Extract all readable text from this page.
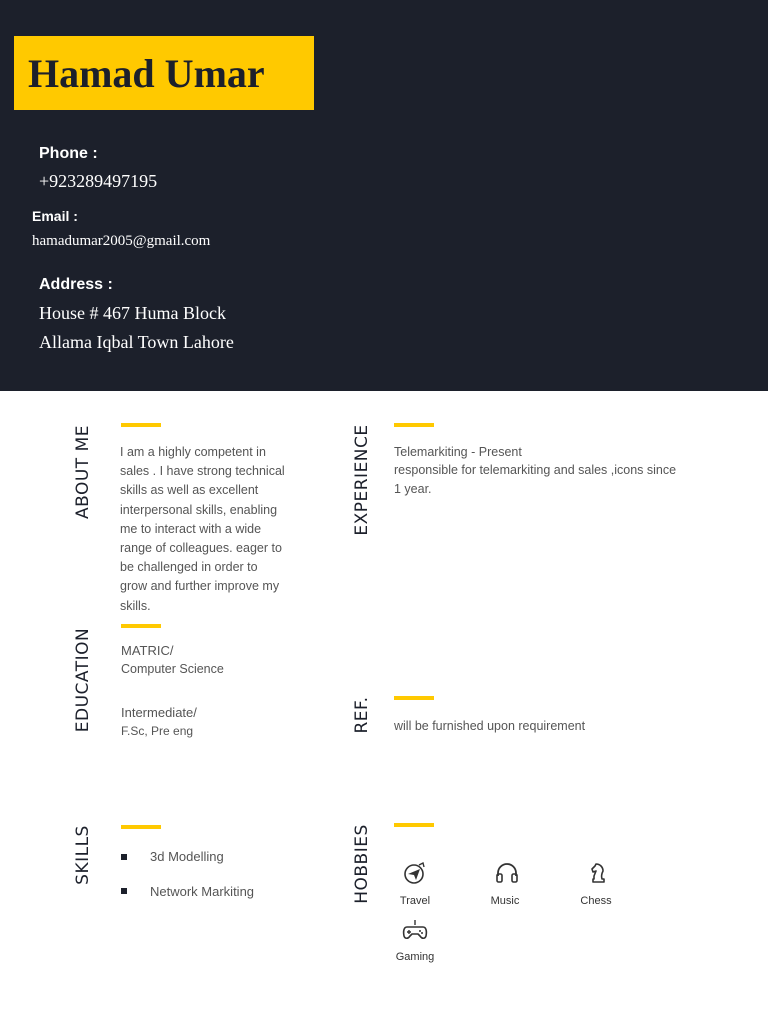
Hamad Umar
Phone :
+923289497195
Email :
hamadumar2005@gmail.com
Address :
House # 467 Huma Block
Allama Iqbal Town Lahore
ABOUT ME I am a highly competent in

sales . I have strong technical

skills as well as excellent

interpersonal skills, enabling

me to interact with a wide

range of colleagues. eager to

be challenged in order to

grow and further improve my

skills.

EXPERIENCE Telemarkiting - Present
responsible for telemarkiting and sales ,icons since
1 year.
EDUCATION MATRIC/
Computer Science
Intermediate/
F.Sc, Pre eng	REF. will be furnished upon requirement
SKILLS	3d Modelling
Network Markiting	HOBBIES	Travel	Music	Chess
Gaming
